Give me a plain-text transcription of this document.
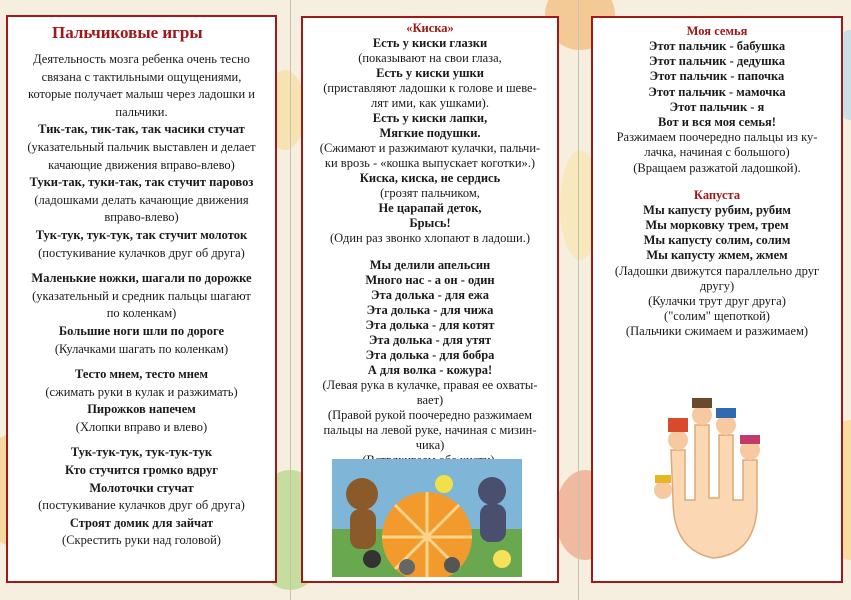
Пальчиковые игры
Деятельность мозга ребенка очень тесно
связана с тактильными ощущениями,
которые получает малыш через ладошки и
пальчики.
Тик-так, тик-так, так часики стучат
(указательный пальчик выставлен и делает
качающие движения вправо-влево)
Туки-так, туки-так, так стучит паровоз
(ладошками делать качающие движения
вправо-влево)
Тук-тук, тук-тук, так стучит молоток
(постукивание кулачков друг об друга)
Маленькие ножки, шагали по дорожке
(указательный и средник пальцы шагают
по коленкам)
Большие ноги шли по дороге
(Кулачками шагать по коленкам)
Тесто мнем, тесто мнем
(сжимать руки в кулак и разжимать)
Пирожков напечем
(Хлопки вправо и влево)
Тук-тук-тук, тук-тук-тук
Кто стучится громко вдруг
Молоточки стучат
(постукивание кулачков друг об друга)
Строят домик для зайчат
(Скрестить руки над головой)
«Киска»
Есть у киски глазки
(показывают на свои глаза,
Есть у киски ушки
(приставляют ладошки к голове и шеве-
лят ими, как ушками).
Есть у киски лапки,
Мягкие подушки.
(Сжимают и разжимают кулачки, пальчи-
ки врозь - «кошка выпускает коготки».)
Киска, киска, не сердись
(грозят пальчиком,
Не царапай деток,
Брысь!
(Один раз звонко хлопают в ладоши.)
Мы делили апельсин
Много нас - а он - один
Эта долька - для ежа
Эта долька - для чижа
Эта долька - для котят
Эта долька - для утят
Эта долька - для бобра
А для волка - кожура!
(Левая рука в кулачке, правая ее охваты-
вает)
(Правой рукой поочередно разжимаем
пальцы на левой руке, начиная с мизин-
чика)
Моя семья
Этот пальчик - бабушка
Этот пальчик - дедушка
Этот пальчик - папочка
Этот пальчик - мамочка
Этот пальчик - я
Вот и вся моя семья!
Разжимаем поочередно пальцы из ку-
лачка, начиная с большого)
(Вращаем разжатой ладошкой).
Капуста
Мы капусту рубим, рубим
Мы морковку трем, трем
Мы капусту солим, солим
Мы капусту жмем, жмем
(Ладошки движутся параллельно друг
другу)
(Кулачки трут друг друга)
("солим" щепоткой)
(Пальчики сжимаем и разжимаем)
